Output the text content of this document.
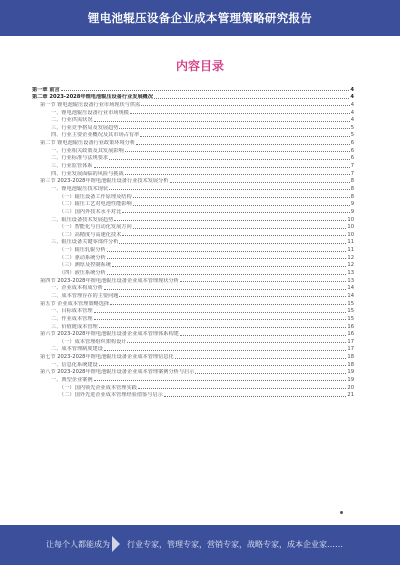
锂电池辊压设备企业成本管理策略研究报告
内容目录
第一章 前言	4
第二章 2023-2028年锂电池辊压设备行业发展概况	4
第一节 锂电池辊压设备行业市场现状与供需	4
一、锂电池辊压设备行业市场规模	4
二、行业供需状况	4
三、行业竞争格局及发展趋势	5
四、行业主要企业概况及其市场占有率	5
第二节 锂电池辊压设备行业政策环境分析	6
一、行业相关政策及其发展影响	6
二、行业标准与法规要求	6
三、行业监管体系	7
四、行业发展面临的风险与挑战	7
第三节 2023-2028年锂电池辊压设备行业技术发展分析	8
一、锂电池辊压技术现状	8
（一）辊压设备工作原理及结构	8
（二）辊压工艺对电池性能影响	9
（三）国内外技术水平对比	9
二、辊压设备技术发展趋势	10
（一）智能化与自动化发展方向	10
（二）高精度与高速化技术	10
三、辊压设备关键零部件分析	11
（一）辊压轧辊分析	11
（二）驱动系统分析	12
（三）测厚及控制系统	12
（四）液压系统分析	13
第四节 2023-2028年锂电池辊压设备企业成本管理现状分析	13
一、企业成本构成分析	14
二、成本管理存在的主要问题	14
第五节 企业成本管理策略选择	15
一、目标成本管理	15
二、作业成本管理	15
三、价值链成本管理	16
第六节 2023-2028年锂电池辊压设备企业成本管理体系构建	16
（一）成本管理组织架构设计	17
二、成本管理制度建设	17
第七节 2023-2028年锂电池辊压设备企业成本管理信息化	18
一、信息化系统建设	18
第八节 2023-2028年锂电池辊压设备企业成本管理案例分析与启示	19
一、典型企业案例	19
（一）国内领先企业成本管理实践	20
（二）国外先进企业成本管理经验借鉴与启示	21
让每个人都能成为 行业专家，管理专家，营销专家，战略专家，成本企业家……
